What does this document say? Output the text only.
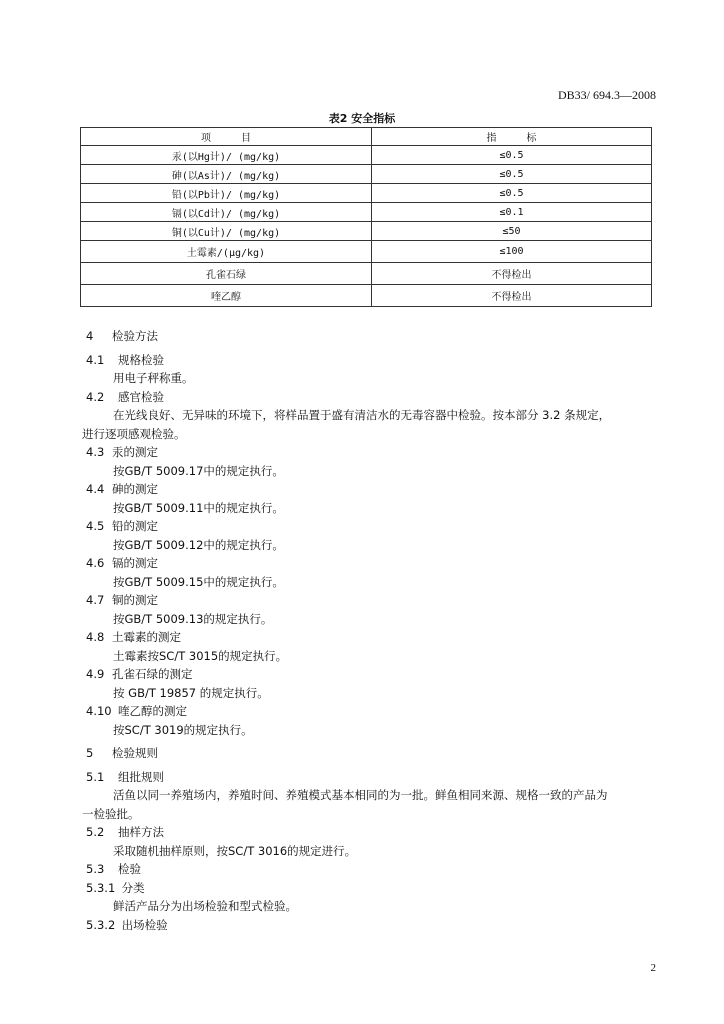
DB33/ 694.3—2008
表2 安全指标
项　　　目	指　　　标
汞(以Hg计)/ (mg/kg)	≤0.5
砷(以As计)/ (mg/kg)	≤0.5
铅(以Pb计)/ (mg/kg)	≤0.5
镉(以Cd计)/ (mg/kg)	≤0.1
铜(以Cu计)/ (mg/kg)	≤50
土霉素/(μg/kg)	≤100
孔雀石绿	不得检出
喹乙醇	不得检出
4 检验方法
4.1 规格检验
用电子秤称重。
4.2 感官检验
在光线良好、无异味的环境下，将样品置于盛有清洁水的无毒容器中检验。按本部分 3.2 条规定，
进行逐项感观检验。
4.3 汞的测定
按GB/T 5009.17中的规定执行。
4.4 砷的测定
按GB/T 5009.11中的规定执行。
4.5 铅的测定
按GB/T 5009.12中的规定执行。
4.6 镉的测定
按GB/T 5009.15中的规定执行。
4.7 铜的测定
按GB/T 5009.13的规定执行。
4.8 土霉素的测定
土霉素按SC/T 3015的规定执行。
4.9 孔雀石绿的测定
按 GB/T 19857 的规定执行。
4.10 喹乙醇的测定
按SC/T 3019的规定执行。
5 检验规则
5.1 组批规则
活鱼以同一养殖场内，养殖时间、养殖模式基本相同的为一批。鲜鱼相同来源、规格一致的产品为
一检验批。
5.2 抽样方法
采取随机抽样原则，按SC/T 3016的规定进行。
5.3 检验
5.3.1 分类
鲜活产品分为出场检验和型式检验。
5.3.2 出场检验
2
